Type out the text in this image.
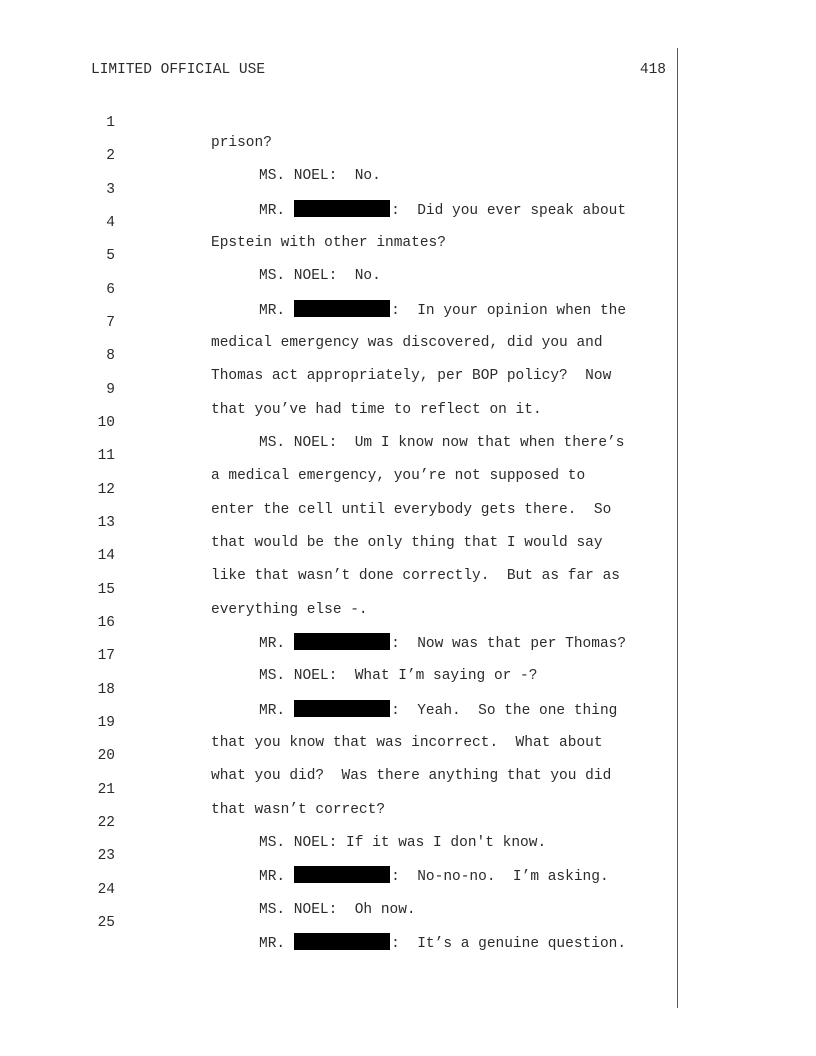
LIMITED OFFICIAL USE	418

1

prison?

2

MS. NOEL:  No.

3

MR.	:  Did you ever speak about

4

Epstein with other inmates?

5

MS. NOEL:  No.

6

MR.	:  In your opinion when the

7

medical emergency was discovered, did you and

8

Thomas act appropriately, per BOP policy?  Now

9

that you’ve had time to reflect on it.

10

MS. NOEL:  Um I know now that when there’s

11

a medical emergency, you’re not supposed to

12

enter the cell until everybody gets there.  So

13

that would be the only thing that I would say

14

like that wasn’t done correctly.  But as far as

15

everything else -.

16

MR.	:  Now was that per Thomas?

17

MS. NOEL:  What I’m saying or -?

18

MR.	:  Yeah.  So the one thing

19

that you know that was incorrect.  What about

20

what you did?  Was there anything that you did

21

that wasn’t correct?

22

MS. NOEL: If it was I don't know.

23

MR.	:  No-no-no.  I’m asking.

24

MS. NOEL:  Oh now.

25

MR.	:  It’s a genuine question.
